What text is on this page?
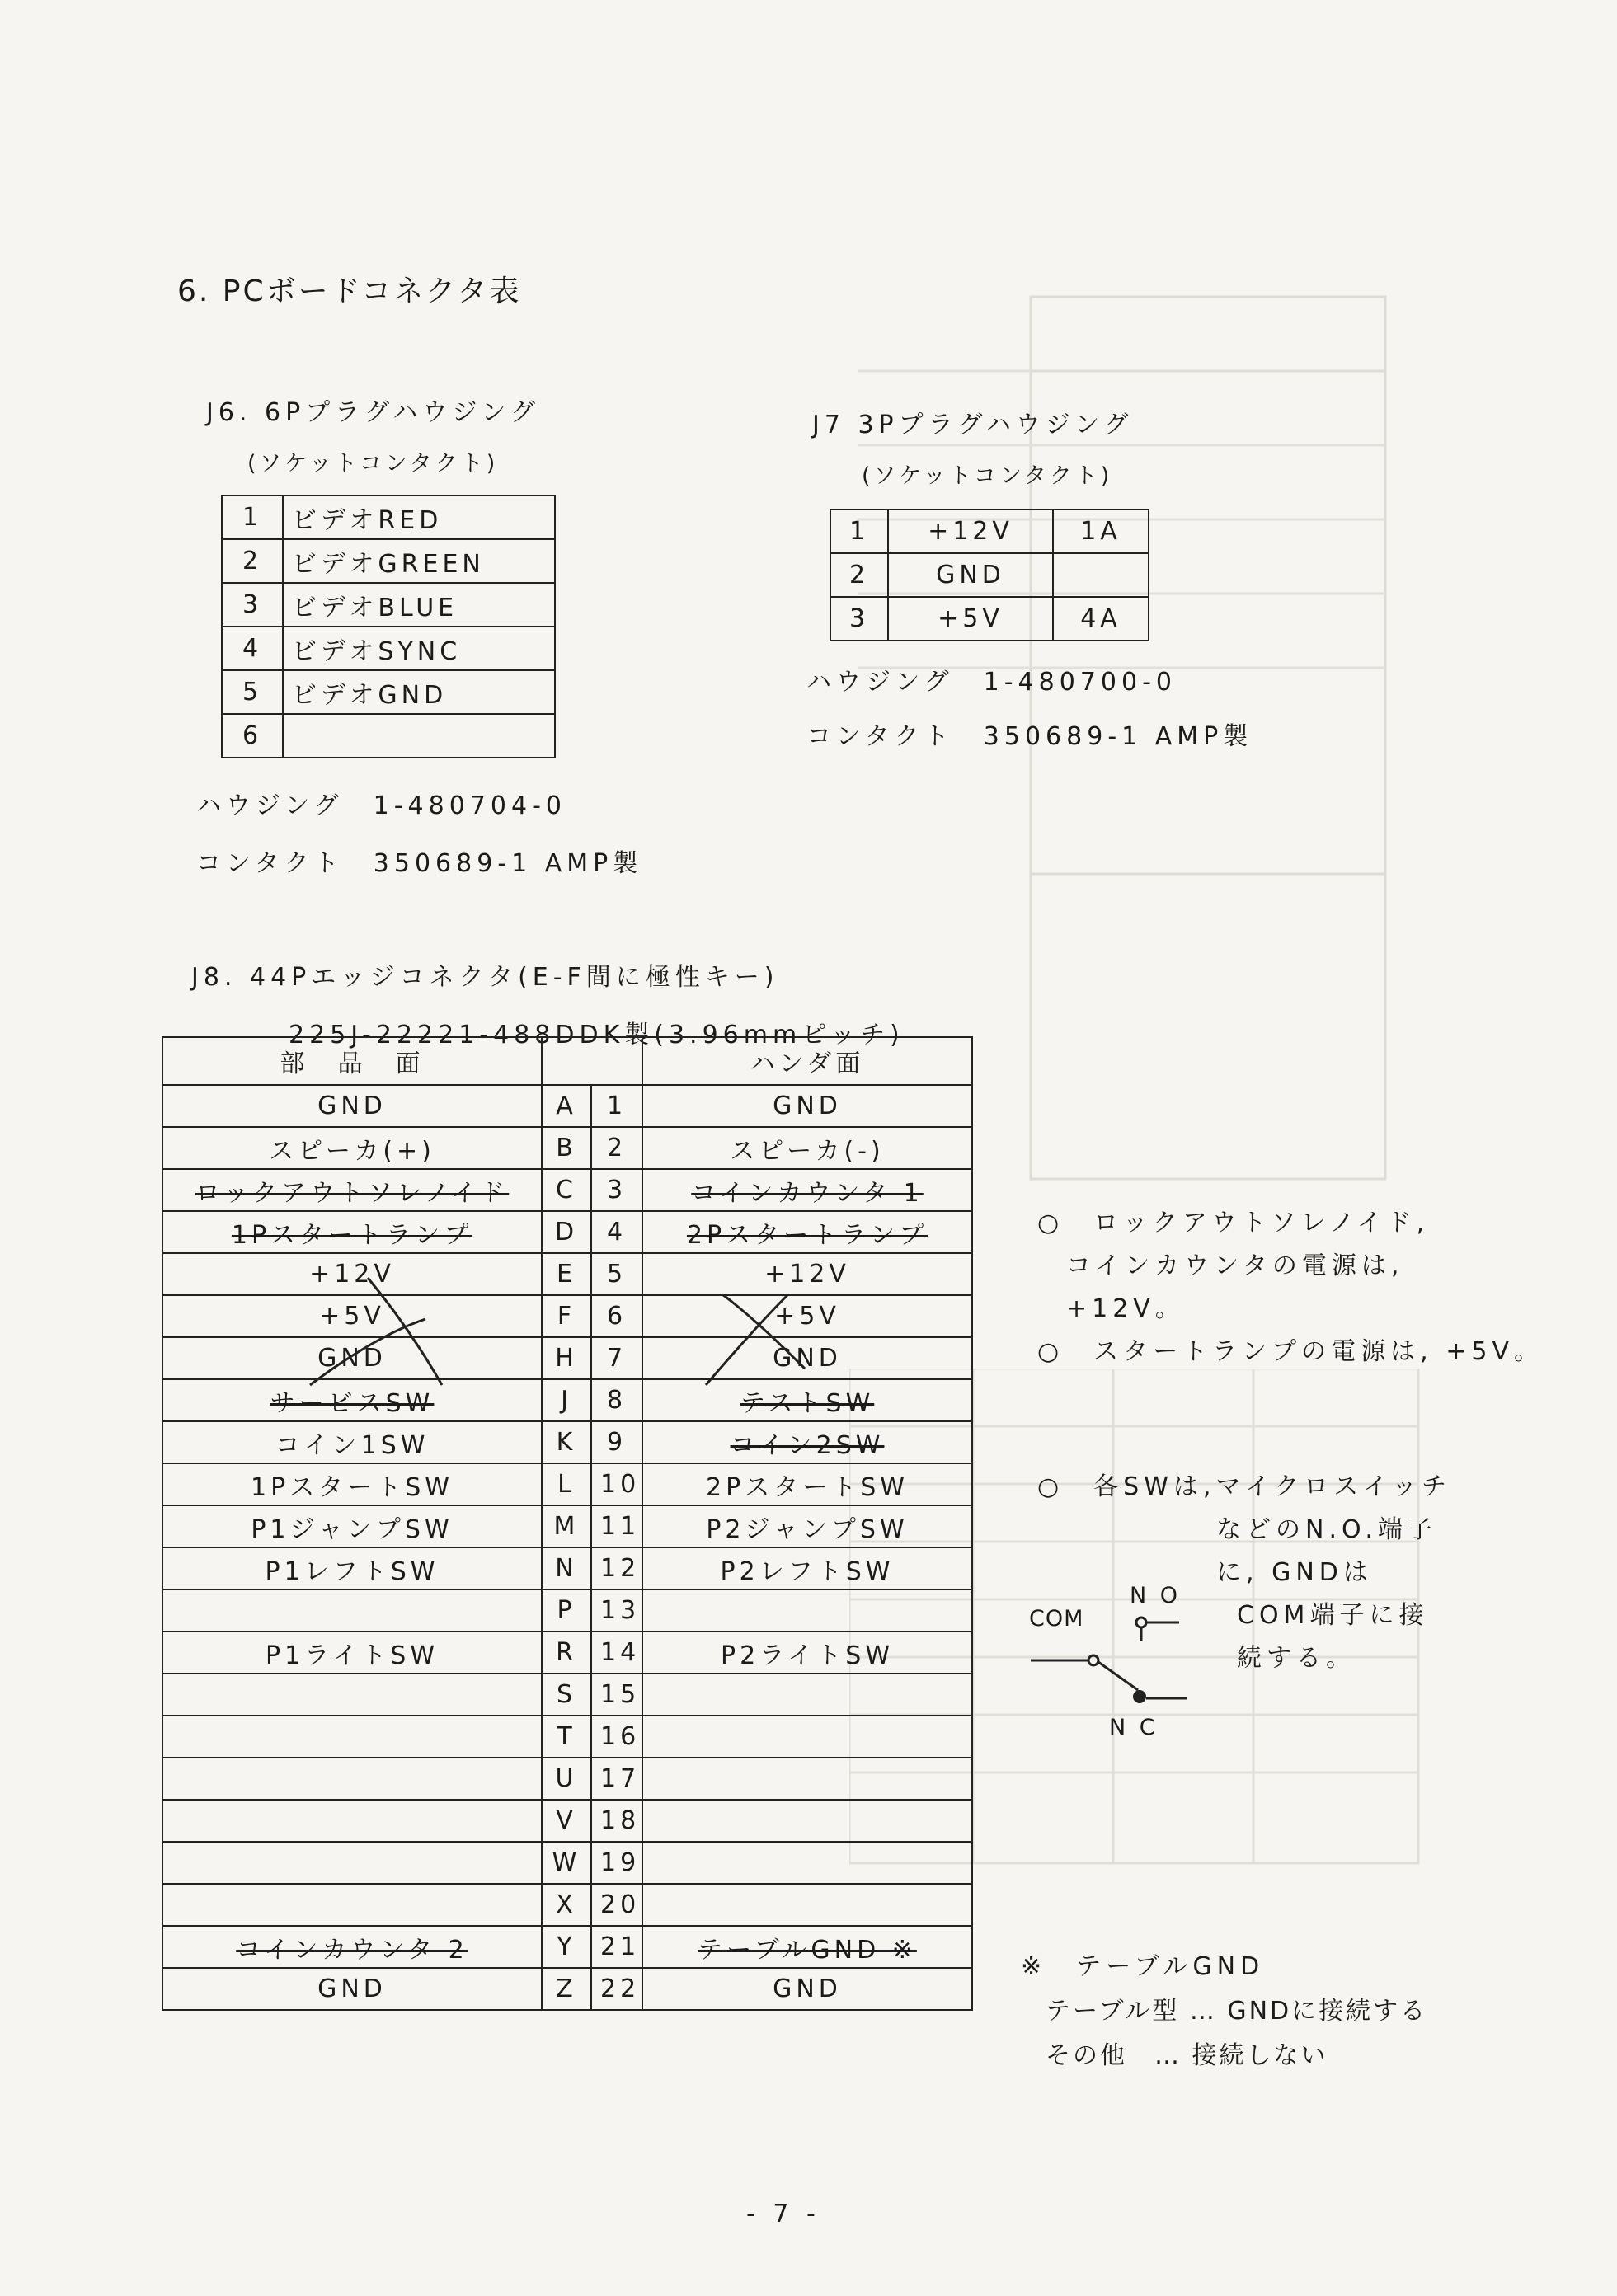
6. PCボードコネクタ表
J6. 6Pプラグハウジング
(ソケットコンタクト)
1	ビデオRED
2	ビデオGREEN
3	ビデオBLUE
4	ビデオSYNC
5	ビデオGND
6	
ハウジング　1-480704-0
コンタクト　350689-1 AMP製
J7 3Pプラグハウジング
(ソケットコンタクト)
1	+12V	1A
2	GND	
3	+5V	4A
ハウジング　1-480700-0
コンタクト　350689-1 AMP製
J8. 44Pエッジコネクタ(E-F間に極性キー)
225J-22221-488DDK製(3.96mmピッチ)
部　品　面			ハンダ面
GND	A	1	GND
スピーカ(+)	B	2	スピーカ(-)
ロックアウトソレノイド	C	3	コインカウンタ 1
1Pスタートランプ	D	4	2Pスタートランプ
+12V	E	5	+12V
+5V	F	6	+5V
GND	H	7	GND
サービスSW	J	8	テストSW
コイン1SW	K	9	コイン2SW
1PスタートSW	L	10	2PスタートSW
P1ジャンプSW	M	11	P2ジャンプSW
P1レフトSW	N	12	P2レフトSW
	P	13	
P1ライトSW	R	14	P2ライトSW
	S	15	
	T	16	
	U	17	
	V	18	
	W	19	
	X	20	
コインカウンタ 2	Y	21	テーブルGND ※
GND	Z	22	GND
○　ロックアウトソレノイド,
コインカウンタの電源は,
+12V。
○　スタートランプの電源は, +5V。
○　各SWは,マイクロスイッチ
などのN.O.端子
に, GNDは
COM端子に接
続する。
N O
COM
N C
※　テーブルGND
テーブル型 … GNDに接続する
その他　… 接続しない
- 7 -
